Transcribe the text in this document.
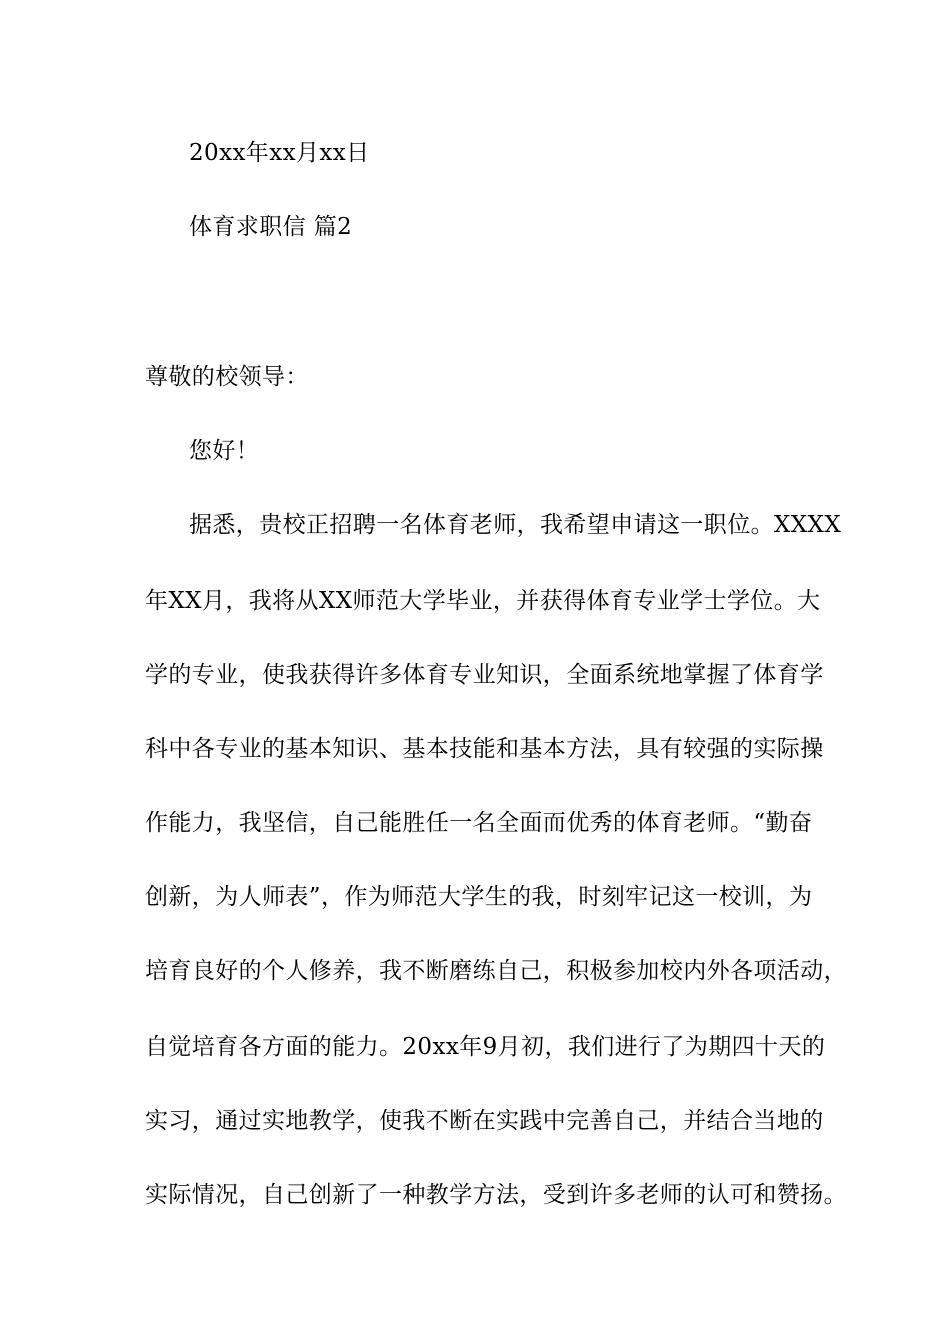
20xx年xx月xx日
体育求职信 篇2
尊敬的校领导：
您好！
据悉，贵校正招聘一名体育老师，我希望申请这一职位。XXXX
年XX月，我将从XX师范大学毕业，并获得体育专业学士学位。大
学的专业，使我获得许多体育专业知识，全面系统地掌握了体育学
科中各专业的基本知识、基本技能和基本方法，具有较强的实际操
作能力，我坚信，自己能胜任一名全面而优秀的体育老师。“勤奋
创新，为人师表”，作为师范大学生的我，时刻牢记这一校训，为
培育良好的个人修养，我不断磨练自己，积极参加校内外各项活动，
自觉培育各方面的能力。20xx年9月初，我们进行了为期四十天的
实习，通过实地教学，使我不断在实践中完善自己，并结合当地的
实际情况，自己创新了一种教学方法，受到许多老师的认可和赞扬。
